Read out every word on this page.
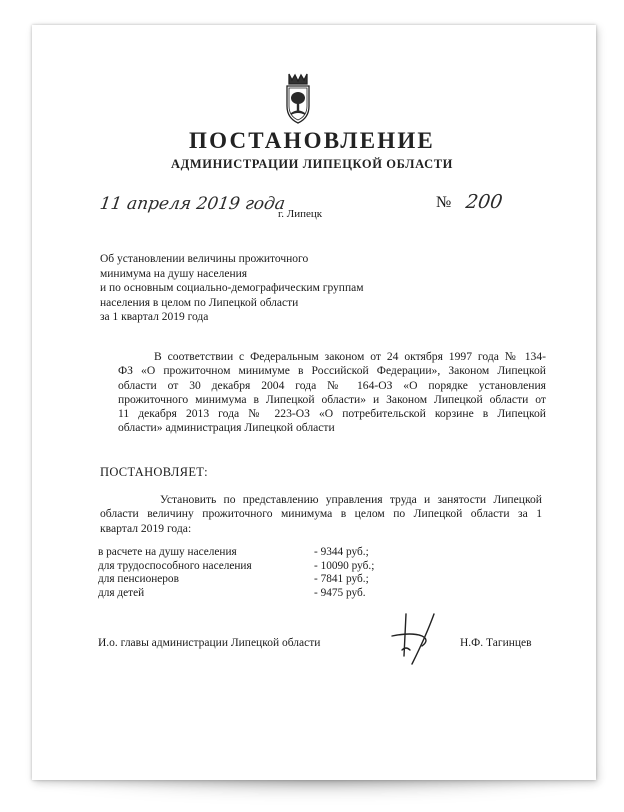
ПОСТАНОВЛЕНИЕ
АДМИНИСТРАЦИИ ЛИПЕЦКОЙ ОБЛАСТИ
11 апреля 2019 года
г. Липецк
№ 200
Об установлении величины прожиточного
минимума на душу населения
и по основным социально-демографическим группам
населения в целом по Липецкой области
за 1 квартал 2019 года
В соответствии с Федеральным законом от 24 октября 1997 года № 134-
ФЗ «О прожиточном минимуме в Российской Федерации», Законом Липецкой
области от 30 декабря 2004 года № 164-ОЗ «О порядке установления
прожиточного минимума в Липецкой области» и Законом Липецкой области от
11 декабря 2013 года № 223-ОЗ «О потребительской корзине в Липецкой
области» администрация Липецкой области
ПОСТАНОВЛЯЕТ:
Установить по представлению управления труда и занятости Липецкой
области величину прожиточного минимума в целом по Липецкой области за 1
квартал 2019 года:
в расчете на душу населения	- 9344 руб.;
для трудоспособного населения	- 10090 руб.;
для пенсионеров	- 7841 руб.;
для детей	- 9475 руб.
И.о. главы администрации Липецкой области	Н.Ф. Тагинцев
